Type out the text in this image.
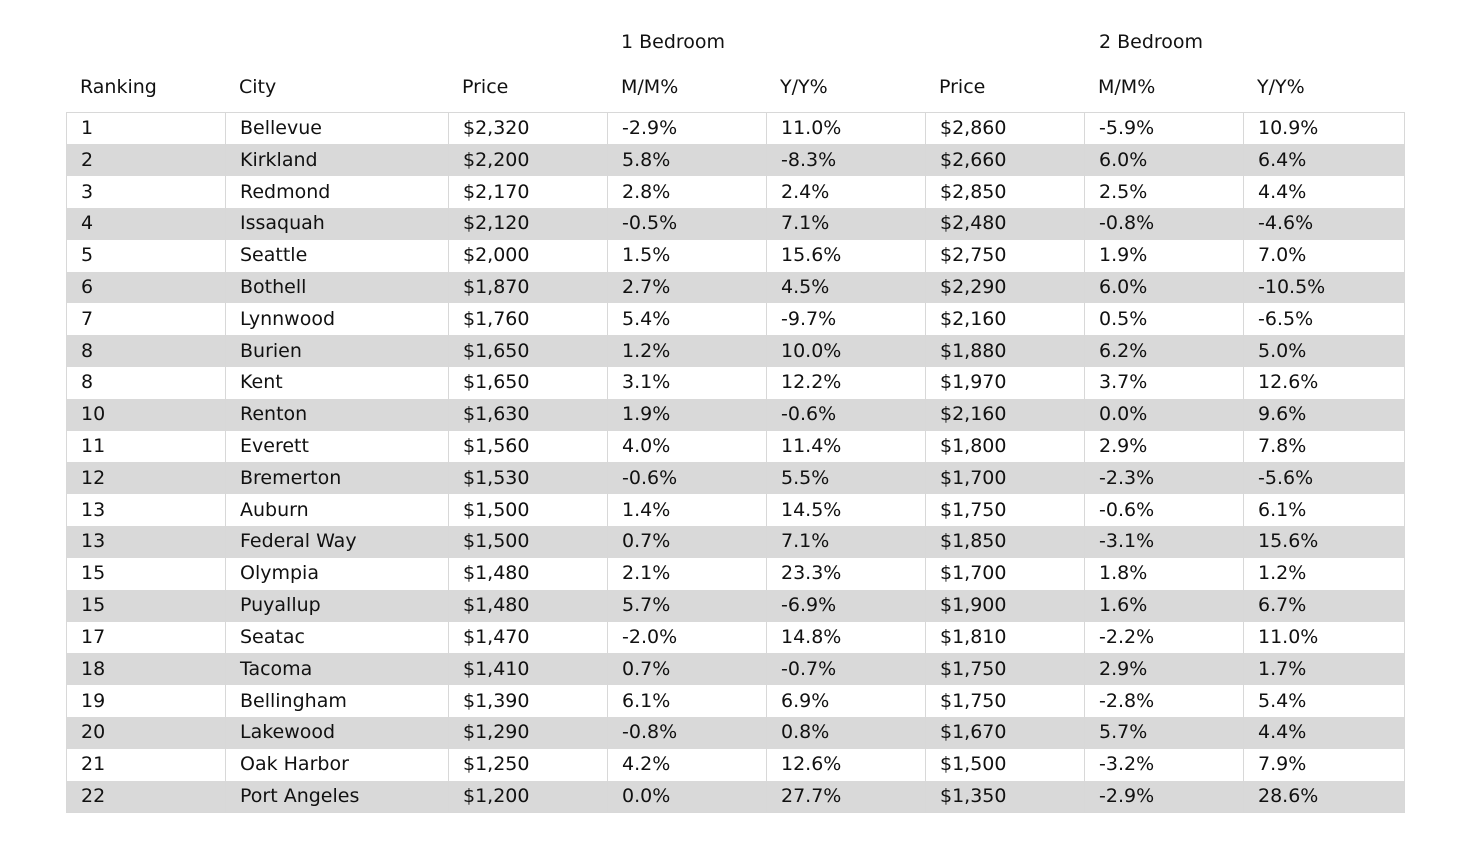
1 Bedroom	2 Bedroom
Ranking	City	Price	M/M%	Y/Y%	Price	M/M%	Y/Y%
1	Bellevue	$2,320	-2.9%	11.0%	$2,860	-5.9%	10.9%
2	Kirkland	$2,200	5.8%	-8.3%	$2,660	6.0%	6.4%
3	Redmond	$2,170	2.8%	2.4%	$2,850	2.5%	4.4%
4	Issaquah	$2,120	-0.5%	7.1%	$2,480	-0.8%	-4.6%
5	Seattle	$2,000	1.5%	15.6%	$2,750	1.9%	7.0%
6	Bothell	$1,870	2.7%	4.5%	$2,290	6.0%	-10.5%
7	Lynnwood	$1,760	5.4%	-9.7%	$2,160	0.5%	-6.5%
8	Burien	$1,650	1.2%	10.0%	$1,880	6.2%	5.0%
8	Kent	$1,650	3.1%	12.2%	$1,970	3.7%	12.6%
10	Renton	$1,630	1.9%	-0.6%	$2,160	0.0%	9.6%
11	Everett	$1,560	4.0%	11.4%	$1,800	2.9%	7.8%
12	Bremerton	$1,530	-0.6%	5.5%	$1,700	-2.3%	-5.6%
13	Auburn	$1,500	1.4%	14.5%	$1,750	-0.6%	6.1%
13	Federal Way	$1,500	0.7%	7.1%	$1,850	-3.1%	15.6%
15	Olympia	$1,480	2.1%	23.3%	$1,700	1.8%	1.2%
15	Puyallup	$1,480	5.7%	-6.9%	$1,900	1.6%	6.7%
17	Seatac	$1,470	-2.0%	14.8%	$1,810	-2.2%	11.0%
18	Tacoma	$1,410	0.7%	-0.7%	$1,750	2.9%	1.7%
19	Bellingham	$1,390	6.1%	6.9%	$1,750	-2.8%	5.4%
20	Lakewood	$1,290	-0.8%	0.8%	$1,670	5.7%	4.4%
21	Oak Harbor	$1,250	4.2%	12.6%	$1,500	-3.2%	7.9%
22	Port Angeles	$1,200	0.0%	27.7%	$1,350	-2.9%	28.6%
